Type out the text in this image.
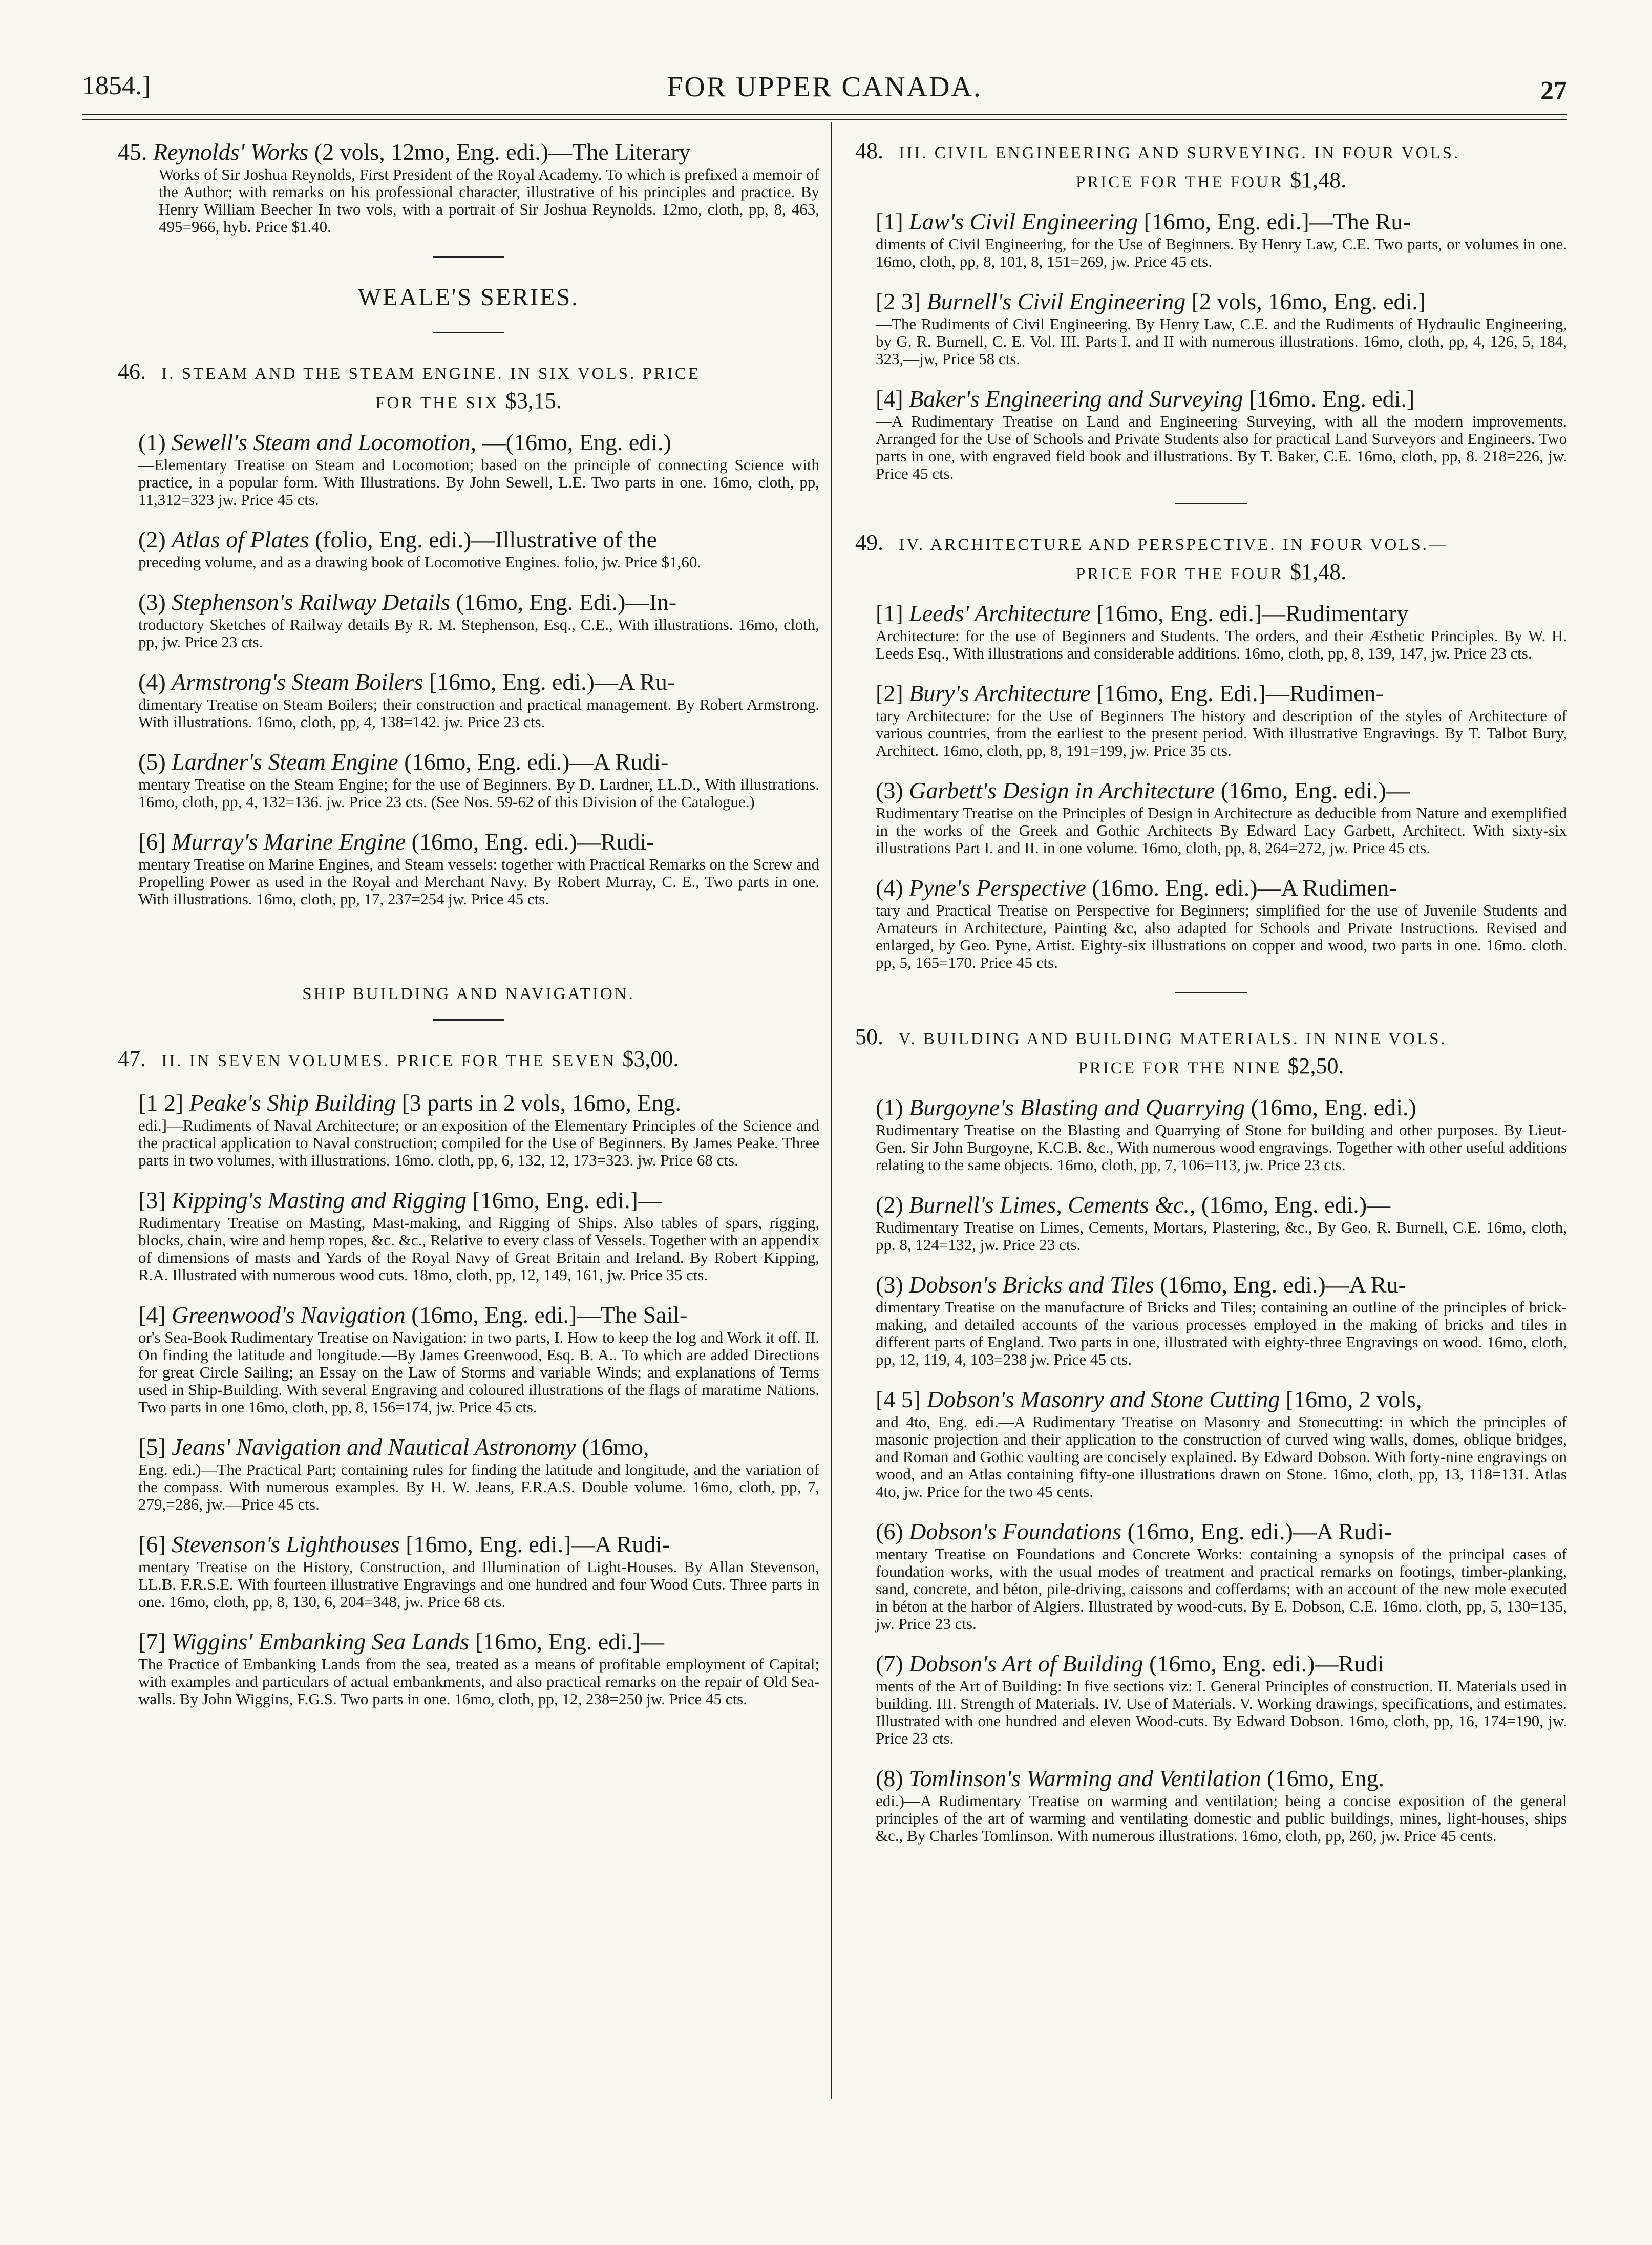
1854.]	FOR UPPER CANADA.	27
45. Reynolds' Works (2 vols, 12mo, Eng. edi.)—The Literary
Works of Sir Joshua Reynolds, First President of the Royal Academy. To which is prefixed a memoir of the Author; with remarks on his professional character, illustrative of his principles and practice. By Henry William Beecher In two vols, with a portrait of Sir Joshua Reynolds. 12mo, cloth, pp, 8, 463, 495=966, hyb. Price $1.40.
WEALE'S SERIES.
46. I. STEAM AND THE STEAM ENGINE. IN SIX VOLS. PRICE
FOR THE SIX $3,15.
(1) Sewell's Steam and Locomotion, —(16mo, Eng. edi.)
—Elementary Treatise on Steam and Locomotion; based on the principle of connecting Science with practice, in a popular form. With Illustrations. By John Sewell, L.E. Two parts in one. 16mo, cloth, pp, 11,312=323 jw. Price 45 cts.
(2) Atlas of Plates (folio, Eng. edi.)—Illustrative of the
preceding volume, and as a drawing book of Locomotive Engines. folio, jw. Price $1,60.
(3) Stephenson's Railway Details (16mo, Eng. Edi.)—In-
troductory Sketches of Railway details By R. M. Stephenson, Esq., C.E., With illustrations. 16mo, cloth, pp, jw. Price 23 cts.
(4) Armstrong's Steam Boilers [16mo, Eng. edi.)—A Ru-
dimentary Treatise on Steam Boilers; their construction and practical management. By Robert Armstrong. With illustrations. 16mo, cloth, pp, 4, 138=142. jw. Price 23 cts.
(5) Lardner's Steam Engine (16mo, Eng. edi.)—A Rudi-
mentary Treatise on the Steam Engine; for the use of Beginners. By D. Lardner, LL.D., With illustrations. 16mo, cloth, pp, 4, 132=136. jw. Price 23 cts. (See Nos. 59-62 of this Division of the Catalogue.)
[6] Murray's Marine Engine (16mo, Eng. edi.)—Rudi-
mentary Treatise on Marine Engines, and Steam vessels: together with Practical Remarks on the Screw and Propelling Power as used in the Royal and Merchant Navy. By Robert Murray, C. E., Two parts in one. With illustrations. 16mo, cloth, pp, 17, 237=254 jw. Price 45 cts.
SHIP BUILDING AND NAVIGATION.
47. II. IN SEVEN VOLUMES. PRICE FOR THE SEVEN $3,00.
[1 2] Peake's Ship Building [3 parts in 2 vols, 16mo, Eng.
edi.]—Rudiments of Naval Architecture; or an exposition of the Elementary Principles of the Science and the practical application to Naval construction; compiled for the Use of Beginners. By James Peake. Three parts in two volumes, with illustrations. 16mo. cloth, pp, 6, 132, 12, 173=323. jw. Price 68 cts.
[3] Kipping's Masting and Rigging [16mo, Eng. edi.]—
Rudimentary Treatise on Masting, Mast-making, and Rigging of Ships. Also tables of spars, rigging, blocks, chain, wire and hemp ropes, &c. &c., Relative to every class of Vessels. Together with an appendix of dimensions of masts and Yards of the Royal Navy of Great Britain and Ireland. By Robert Kipping, R.A. Illustrated with numerous wood cuts. 18mo, cloth, pp, 12, 149, 161, jw. Price 35 cts.
[4] Greenwood's Navigation (16mo, Eng. edi.]—The Sail-
or's Sea-Book Rudimentary Treatise on Navigation: in two parts, I. How to keep the log and Work it off. II. On finding the latitude and longitude.—By James Greenwood, Esq. B. A.. To which are added Directions for great Circle Sailing; an Essay on the Law of Storms and variable Winds; and explanations of Terms used in Ship-Building. With several Engraving and coloured illustrations of the flags of maratime Nations. Two parts in one 16mo, cloth, pp, 8, 156=174, jw. Price 45 cts.
[5] Jeans' Navigation and Nautical Astronomy (16mo,
Eng. edi.)—The Practical Part; containing rules for finding the latitude and longitude, and the variation of the compass. With numerous examples. By H. W. Jeans, F.R.A.S. Double volume. 16mo, cloth, pp, 7, 279,=286, jw.—Price 45 cts.
[6] Stevenson's Lighthouses [16mo, Eng. edi.]—A Rudi-
mentary Treatise on the History, Construction, and Illumination of Light-Houses. By Allan Stevenson, LL.B. F.R.S.E. With fourteen illustrative Engravings and one hundred and four Wood Cuts. Three parts in one. 16mo, cloth, pp, 8, 130, 6, 204=348, jw. Price 68 cts.
[7] Wiggins' Embanking Sea Lands [16mo, Eng. edi.]—
The Practice of Embanking Lands from the sea, treated as a means of profitable employment of Capital; with examples and particulars of actual embankments, and also practical remarks on the repair of Old Sea-walls. By John Wiggins, F.G.S. Two parts in one. 16mo, cloth, pp, 12, 238=250 jw. Price 45 cts.
48. III. CIVIL ENGINEERING AND SURVEYING. IN FOUR VOLS.
PRICE FOR THE FOUR $1,48.
[1] Law's Civil Engineering [16mo, Eng. edi.]—The Ru-
diments of Civil Engineering, for the Use of Beginners. By Henry Law, C.E. Two parts, or volumes in one. 16mo, cloth, pp, 8, 101, 8, 151=269, jw. Price 45 cts.
[2 3] Burnell's Civil Engineering [2 vols, 16mo, Eng. edi.]
—The Rudiments of Civil Engineering. By Henry Law, C.E. and the Rudiments of Hydraulic Engineering, by G. R. Burnell, C. E. Vol. III. Parts I. and II with numerous illustrations. 16mo, cloth, pp, 4, 126, 5, 184, 323,—jw, Price 58 cts.
[4] Baker's Engineering and Surveying [16mo. Eng. edi.]
—A Rudimentary Treatise on Land and Engineering Surveying, with all the modern improvements. Arranged for the Use of Schools and Private Students also for practical Land Surveyors and Engineers. Two parts in one, with engraved field book and illustrations. By T. Baker, C.E. 16mo, cloth, pp, 8. 218=226, jw. Price 45 cts.
49. IV. ARCHITECTURE AND PERSPECTIVE. IN FOUR VOLS.—
PRICE FOR THE FOUR $1,48.
[1] Leeds' Architecture [16mo, Eng. edi.]—Rudimentary
Architecture: for the use of Beginners and Students. The orders, and their Æsthetic Principles. By W. H. Leeds Esq., With illustrations and considerable additions. 16mo, cloth, pp, 8, 139, 147, jw. Price 23 cts.
[2] Bury's Architecture [16mo, Eng. Edi.]—Rudimen-
tary Architecture: for the Use of Beginners The history and description of the styles of Architecture of various countries, from the earliest to the present period. With illustrative Engravings. By T. Talbot Bury, Architect. 16mo, cloth, pp, 8, 191=199, jw. Price 35 cts.
(3) Garbett's Design in Architecture (16mo, Eng. edi.)—
Rudimentary Treatise on the Principles of Design in Architecture as deducible from Nature and exemplified in the works of the Greek and Gothic Architects By Edward Lacy Garbett, Architect. With sixty-six illustrations Part I. and II. in one volume. 16mo, cloth, pp, 8, 264=272, jw. Price 45 cts.
(4) Pyne's Perspective (16mo. Eng. edi.)—A Rudimen-
tary and Practical Treatise on Perspective for Beginners; simplified for the use of Juvenile Students and Amateurs in Architecture, Painting &c, also adapted for Schools and Private Instructions. Revised and enlarged, by Geo. Pyne, Artist. Eighty-six illustrations on copper and wood, two parts in one. 16mo. cloth. pp, 5, 165=170. Price 45 cts.
50. V. BUILDING AND BUILDING MATERIALS. IN NINE VOLS.
PRICE FOR THE NINE $2,50.
(1) Burgoyne's Blasting and Quarrying (16mo, Eng. edi.)
Rudimentary Treatise on the Blasting and Quarrying of Stone for building and other purposes. By Lieut-Gen. Sir John Burgoyne, K.C.B. &c., With numerous wood engravings. Together with other useful additions relating to the same objects. 16mo, cloth, pp, 7, 106=113, jw. Price 23 cts.
(2) Burnell's Limes, Cements &c., (16mo, Eng. edi.)—
Rudimentary Treatise on Limes, Cements, Mortars, Plastering, &c., By Geo. R. Burnell, C.E. 16mo, cloth, pp. 8, 124=132, jw. Price 23 cts.
(3) Dobson's Bricks and Tiles (16mo, Eng. edi.)—A Ru-
dimentary Treatise on the manufacture of Bricks and Tiles; containing an outline of the principles of brick-making, and detailed accounts of the various processes employed in the making of bricks and tiles in different parts of England. Two parts in one, illustrated with eighty-three Engravings on wood. 16mo, cloth, pp, 12, 119, 4, 103=238 jw. Price 45 cts.
[4 5] Dobson's Masonry and Stone Cutting [16mo, 2 vols,
and 4to, Eng. edi.—A Rudimentary Treatise on Masonry and Stonecutting: in which the principles of masonic projection and their application to the construction of curved wing walls, domes, oblique bridges, and Roman and Gothic vaulting are concisely explained. By Edward Dobson. With forty-nine engravings on wood, and an Atlas containing fifty-one illustrations drawn on Stone. 16mo, cloth, pp, 13, 118=131. Atlas 4to, jw. Price for the two 45 cents.
(6) Dobson's Foundations (16mo, Eng. edi.)—A Rudi-
mentary Treatise on Foundations and Concrete Works: containing a synopsis of the principal cases of foundation works, with the usual modes of treatment and practical remarks on footings, timber-planking, sand, concrete, and béton, pile-driving, caissons and cofferdams; with an account of the new mole executed in béton at the harbor of Algiers. Illustrated by wood-cuts. By E. Dobson, C.E. 16mo. cloth, pp, 5, 130=135, jw. Price 23 cts.
(7) Dobson's Art of Building (16mo, Eng. edi.)—Rudi
ments of the Art of Building: In five sections viz: I. General Principles of construction. II. Materials used in building. III. Strength of Materials. IV. Use of Materials. V. Working drawings, specifications, and estimates. Illustrated with one hundred and eleven Wood-cuts. By Edward Dobson. 16mo, cloth, pp, 16, 174=190, jw. Price 23 cts.
(8) Tomlinson's Warming and Ventilation (16mo, Eng.
edi.)—A Rudimentary Treatise on warming and ventilation; being a concise exposition of the general principles of the art of warming and ventilating domestic and public buildings, mines, light-houses, ships &c., By Charles Tomlinson. With numerous illustrations. 16mo, cloth, pp, 260, jw. Price 45 cents.
